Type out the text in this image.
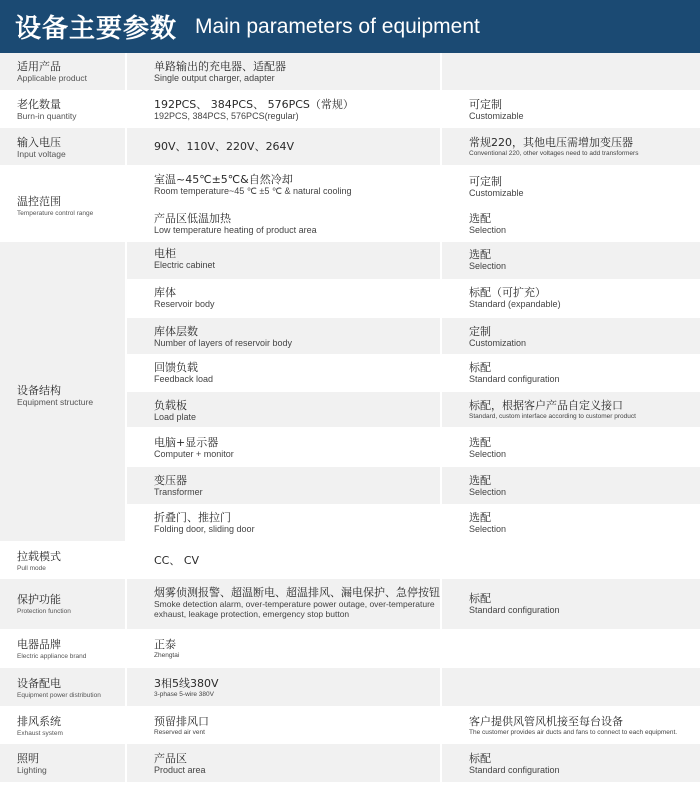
设备主要参数 Main parameters of equipment
适用产品
Applicable product
单路输出的充电器、适配器
Single output charger, adapter
老化数量
Burn-in quantity
192PCS、 384PCS、 576PCS（常规）
192PCS, 384PCS, 576PCS(regular)
可定制
Customizable
输入电压
Input voltage
90V、110V、220V、264V	常规220，其他电压需增加变压器
Conventional 220, other voltages need to add transformers
温控范围
Temperature control range
室温~45℃±5℃&自然冷却
Room temperature~45 ℃ ±5 ℃ & natural cooling
产品区低温加热
Low temperature heating of product area
可定制
Customizable
选配
Selection
设备结构
Equipment structure
电柜
Electric cabinet
库体
Reservoir body
库体层数
Number of layers of reservoir body
回馈负载
Feedback load
负载板
Load plate
电脑+显示器
Computer + monitor
变压器
Transformer
折叠门、推拉门
Folding door, sliding door
选配
Selection
标配（可扩充）
Standard (expandable)
定制
Customization
标配
Standard configuration
标配，根据客户产品自定义接口
Standard, custom interface according to customer product
选配
Selection
选配
Selection
选配
Selection
拉载模式
Pull mode
CC、 CV
保护功能
Protection function
烟雾侦测报警、超温断电、超温排风、漏电保护、急停按钮
Smoke detection alarm, over-temperature power outage, over-temperature exhaust, leakage protection, emergency stop button
标配
Standard configuration
电器品牌
Electric appliance brand
正泰
Zhengtai
设备配电
Equipment power distribution
3相5线380V
3-phase 5-wire 380V
排风系统
Exhaust system
预留排风口
Reserved air vent
客户提供风管风机接至每台设备
The customer provides air ducts and fans to connect to each equipment.
照明
Lighting
产品区
Product area
标配
Standard configuration
